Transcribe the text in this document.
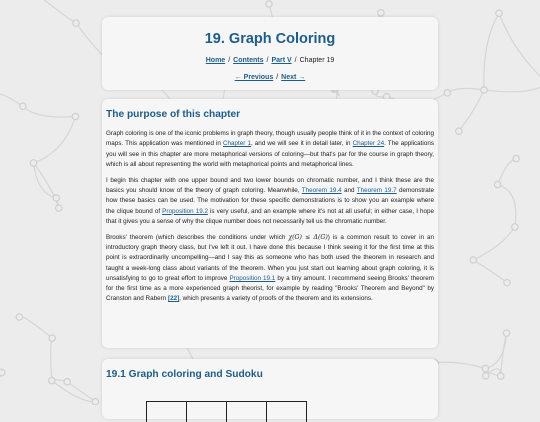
19. Graph Coloring
Home / Contents / Part V / Chapter 19
← Previous / Next →
The purpose of this chapter

Graph coloring is one of the iconic problems in graph theory, though usually people think of it in the context of coloring maps. This application was mentioned in Chapter 1, and we will see it in detail later, in Chapter 24. The applications you will see in this chapter are more metaphorical versions of coloring—but that's par for the course in graph theory, which is all about representing the world with metaphorical points and metaphorical lines.

I begin this chapter with one upper bound and two lower bounds on chromatic number, and I think these are the basics you should know of the theory of graph coloring. Meanwhile, Theorem 19.4 and Theorem 19.7 demonstrate how these basics can be used. The motivation for these specific demonstrations is to show you an example where the clique bound of Proposition 19.2 is very useful, and an example where it's not at all useful; in either case, I hope that it gives you a sense of why the clique number does not necessarily tell us the chromatic number.

Brooks' theorem (which describes the conditions under which χ(G) ≤ Δ(G)) is a common result to cover in an introductory graph theory class, but I've left it out. I have done this because I think seeing it for the first time at this point is extraordinarily uncompelling—and I say this as someone who has both used the theorem in research and taught a week-long class about variants of the theorem. When you just start out learning about graph coloring, it is unsatisfying to go to great effort to improve Proposition 19.1 by a tiny amount. I recommend seeing Brooks' theorem for the first time as a more experienced graph theorist, for example by reading "Brooks' Theorem and Beyond" by Cranston and Rabern [22], which presents a variety of proofs of the theorem and its extensions.

19.1 Graph coloring and Sudoku
